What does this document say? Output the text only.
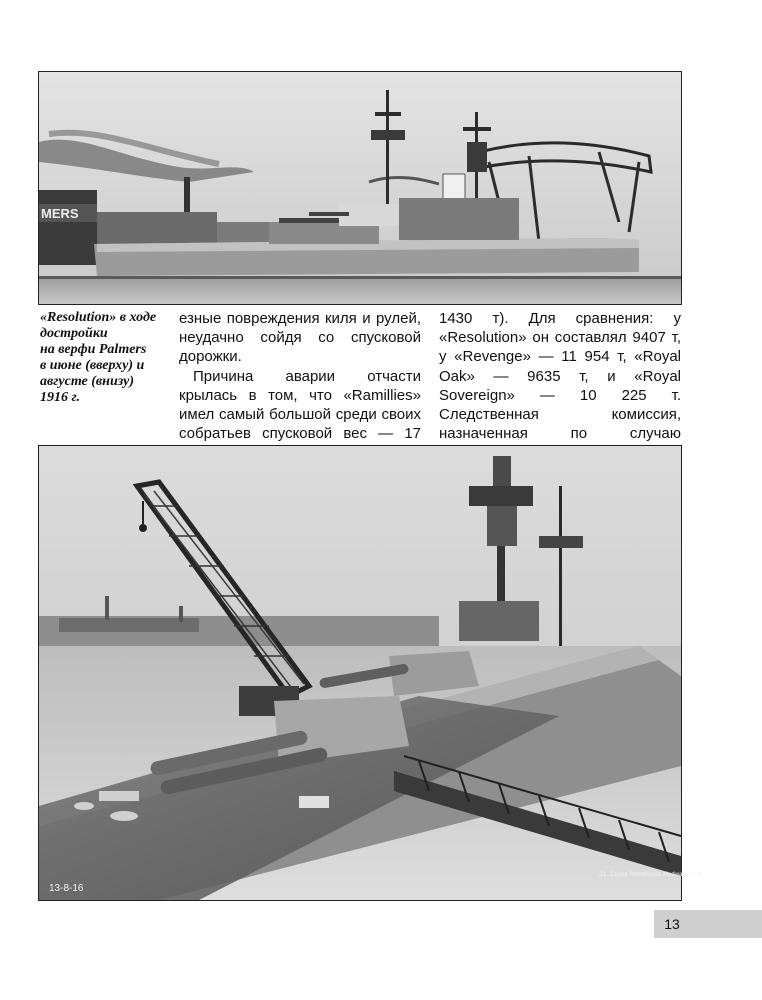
MERS
«Resolution» в ходе достройки
на верфи Palmers
в июне (вверху) и
августе (внизу)
1916 г.

езные повреждения киля и рулей, неудачно сойдя со спусковой дорожки.

Причина аварии отчасти крылась в том, что «Ramillies» имел самый большой среди своих собратьев спусковой вес — 17

1430 т). Для сравнения: у «Resolution» он составлял 9407 т, у «Revenge» — 11 954 т, «Royal Oak» — 9635 т, и «Royal Sovereign» — 10 225 т. Следственная комиссия, назначенная по случаю

13-8-16
J.L. Cooke Stonehouse Medway Press
13
